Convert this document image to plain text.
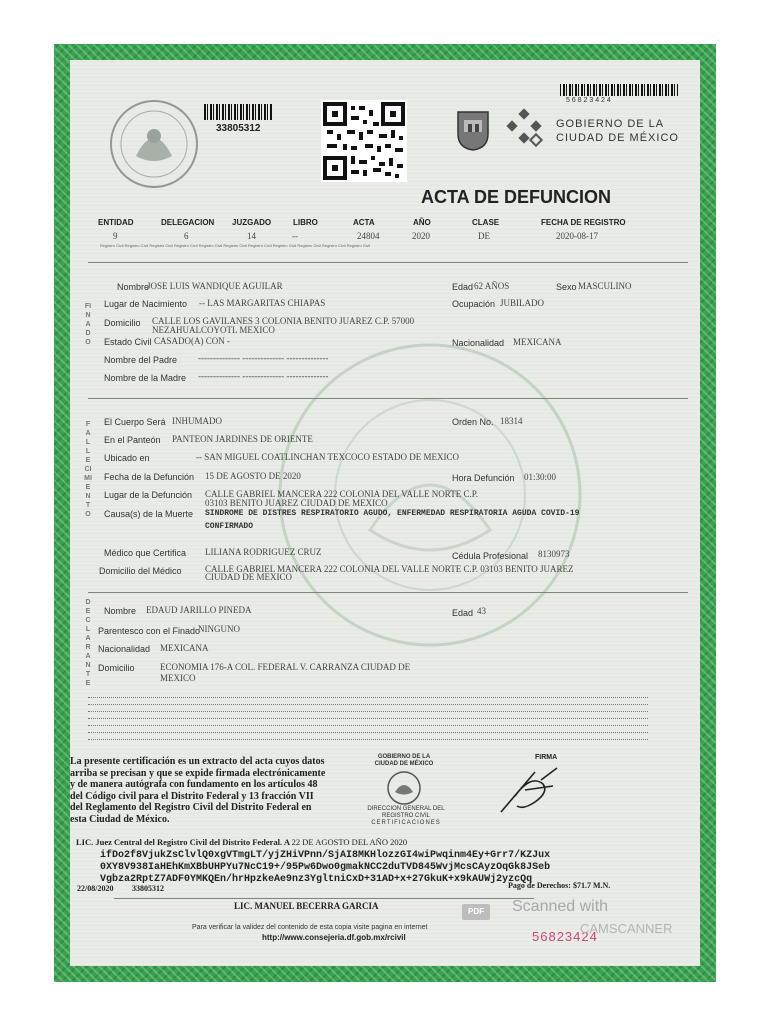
33805312	GOBIERNO DE LA
CIUDAD DE MÉXICO
5 6 8 2 3 4 2 4
ACTA DE DEFUNCION
ENTIDAD	DELEGACION JUZGADO	LIBRO	ACTA	AÑO	CLASE	FECHA DE REGISTRO
9	6	14	--	24804	2020	DE	2020-08-17
Registro Civil Registro Civil Registro Civil Registro Civil Registro Civil Registro Civil Registro Civil Registro Civil Registro Civil Registro Civil Registro Civil
FINADO
FALLECIMIENTO
DECLARANTE
Nombre
JOSE LUIS WANDIQUE AGUILAR	Edad 62 AÑOS	Sexo MASCULINO
Lugar de Nacimiento -- LAS MARGARITAS CHIAPAS	Ocupación JUBILADO
Domicilio CALLE LOS GAVILANES 3 COLONIA BENITO JUAREZ C.P. 57000 NEZAHUALCOYOTL MEXICO
Estado Civil CASADO(A) CON -	Nacionalidad MEXICANA
Nombre del Padre -------------- -------------- --------------
Nombre de la Madre -------------- -------------- --------------
El Cuerpo Será INHUMADO	Orden No. 18314
En el Panteón PANTEON JARDINES DE ORIENTE
Ubicado en	-- SAN MIGUEL COATLINCHAN TEXCOCO ESTADO DE MEXICO
Fecha de la Defunción 15 DE AGOSTO DE 2020	Hora Defunción 01:30:00
Lugar de la Defunción CALLE GABRIEL MANCERA 222 COLONIA DEL VALLE NORTE C.P.
03103 BENITO JUAREZ CIUDAD DE MEXICO
Causa(s) de la Muerte SINDROME DE DISTRES RESPIRATORIO AGUDO, ENFERMEDAD RESPIRATORIA AGUDA COVID-19
CONFIRMADO
Médico que Certifica LILIANA RODRIGUEZ CRUZ	Cédula Profesional 8130973
Domicilio del Médico	CALLE GABRIEL MANCERA 222 COLONIA DEL VALLE NORTE C.P. 03103 BENITO JUAREZ
CIUDAD DE MEXICO
Nombre EDAUD JARILLO PINEDA	Edad 43
Parentesco con el Finado
NINGUNO
Nacionalidad MEXICANA
Domicilio	ECONOMIA 176-A COL. FEDERAL V. CARRANZA CIUDAD DE
MEXICO
La presente certificación es un extracto del acta cuyos datos
arriba se precisan y que se expide firmada electrónicamente
y de manera autógrafa con fundamento en los artículos 48
del Código civil para el Distrito Federal y 13 fracción VII
del Reglamento del Registro Civil del Distrito Federal en
esta Ciudad de México.
GOBIERNO DE LA
CIUDAD DE MÉXICO
DIRECCION GENERAL DEL
REGISTRO CIVIL
CERTIFICACIONES
FIRMA
LIC. Juez Central del Registro Civil del Distrito Federal. A 22 DE AGOSTO DEL AÑO 2020
ifDo2f8VjukZsClvlQ0xgVTmgLT/yjZHiVPnn/SjAI8MKHlozzGI4wiPwqinm4Ey+Grr7/KZJux
0XY8V938IaHEhKmXBbUHPYu7NcC19+/95Pw6Dwo0gmakNCC2duTVD845WvjMcsCAyzOqGk8JSeb
Vgbza2RptZ7ADF0YMKQEn/hrHpzkeAe9nz3YgltniCxD+31AD+x+27GkuK+x9kAUWj2yzcQq
22/08/2020 33805312	Pago de Derechos: $71.7 M.N.
LIC. MANUEL BECERRA GARCIA
Para verificar la validez del contenido de esta copia visite pagina en internet
http://www.consejeria.df.gob.mx/rcivil	56823424
PDF	Scanned with
CAMSCANNER
